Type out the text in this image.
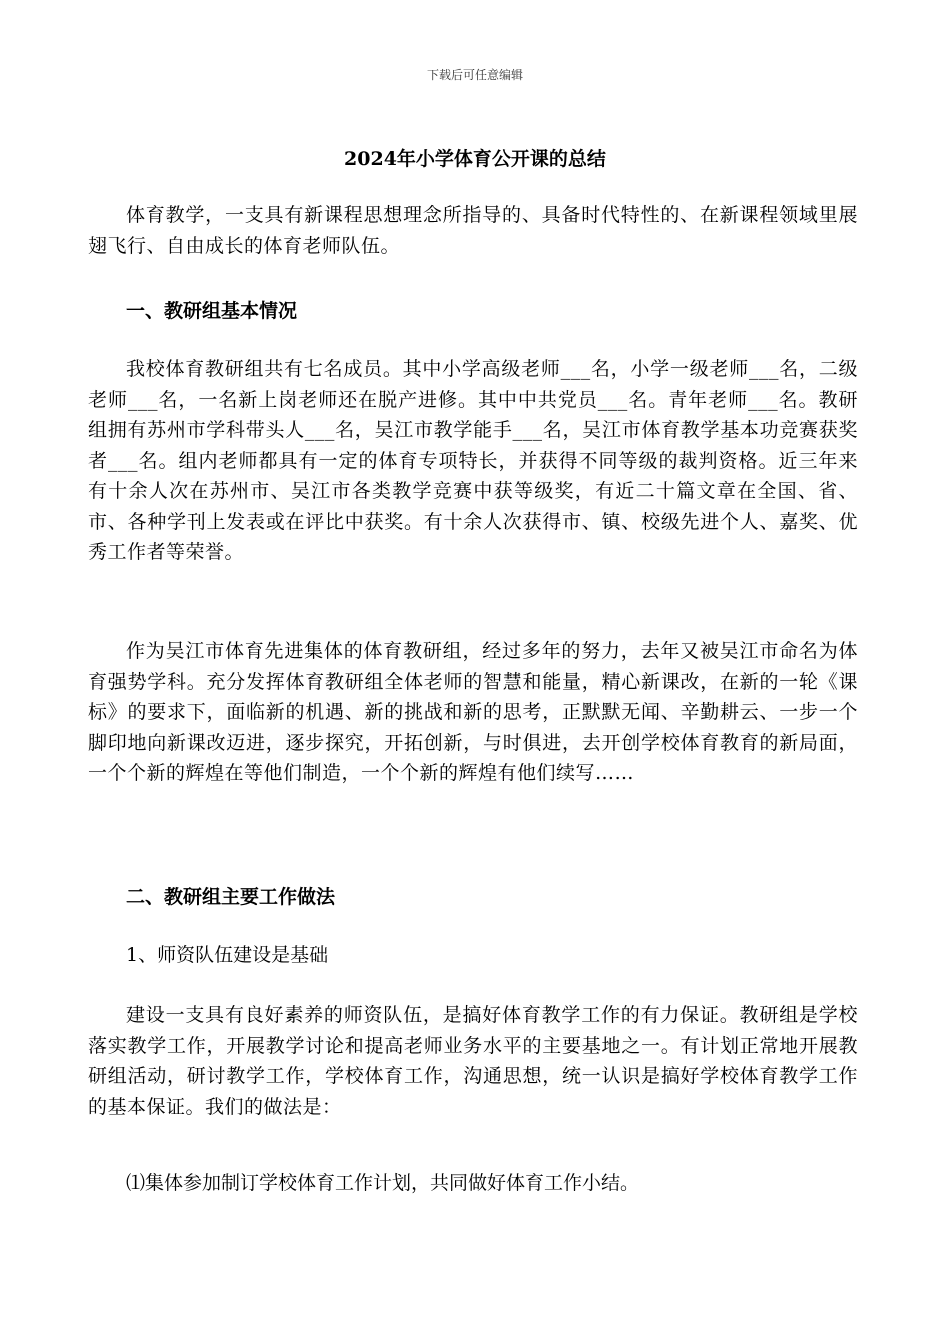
下载后可任意编辑
2024年小学体育公开课的总结

体育教学，一支具有新课程思想理念所指导的、具备时代特性的、在新课程领域里展翅飞行、自由成长的体育老师队伍。

一、教研组基本情况

我校体育教研组共有七名成员。其中小学高级老师___名，小学一级老师___名，二级老师___名，一名新上岗老师还在脱产进修。其中中共党员___名。青年老师___名。教研组拥有苏州市学科带头人___名，吴江市教学能手___名，吴江市体育教学基本功竞赛获奖者___名。组内老师都具有一定的体育专项特长，并获得不同等级的裁判资格。近三年来有十余人次在苏州市、吴江市各类教学竞赛中获等级奖，有近二十篇文章在全国、省、市、各种学刊上发表或在评比中获奖。有十余人次获得市、镇、校级先进个人、嘉奖、优秀工作者等荣誉。

作为吴江市体育先进集体的体育教研组，经过多年的努力，去年又被吴江市命名为体育强势学科。充分发挥体育教研组全体老师的智慧和能量，精心新课改，在新的一轮《课标》的要求下，面临新的机遇、新的挑战和新的思考，正默默无闻、辛勤耕云、一步一个脚印地向新课改迈进，逐步探究，开拓创新，与时俱进，去开创学校体育教育的新局面，一个个新的辉煌在等他们制造，一个个新的辉煌有他们续写……

二、教研组主要工作做法

1、师资队伍建设是基础

建设一支具有良好素养的师资队伍，是搞好体育教学工作的有力保证。教研组是学校落实教学工作，开展教学讨论和提高老师业务水平的主要基地之一。有计划正常地开展教研组活动，研讨教学工作，学校体育工作，沟通思想，统一认识是搞好学校体育教学工作的基本保证。我们的做法是：

⑴集体参加制订学校体育工作计划，共同做好体育工作小结。
